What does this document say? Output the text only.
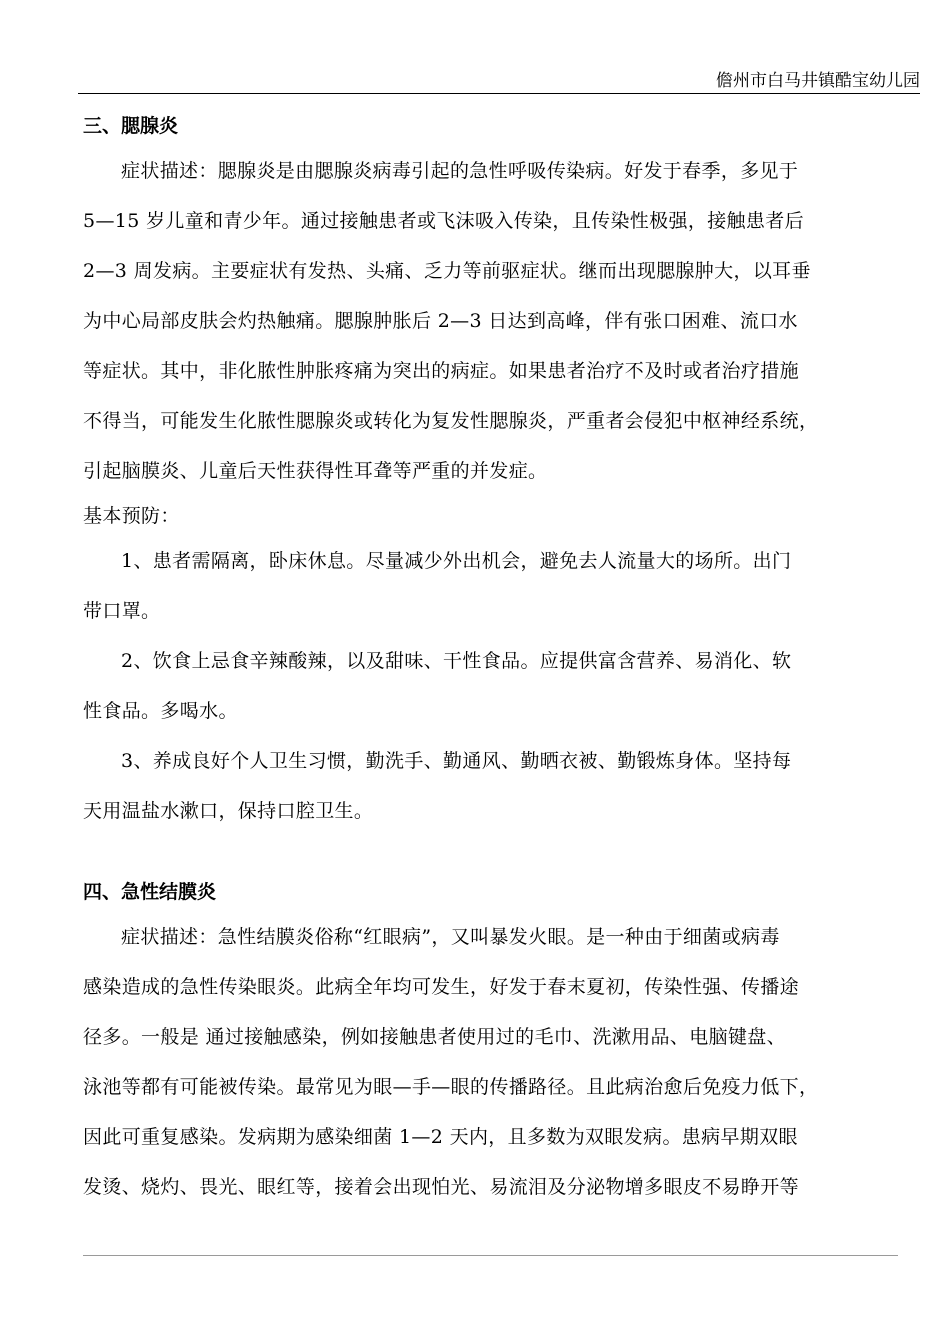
儋州市白马井镇酷宝幼儿园
三、腮腺炎
症状描述：腮腺炎是由腮腺炎病毒引起的急性呼吸传染病。好发于春季，多见于
5—15 岁儿童和青少年。通过接触患者或飞沫吸入传染，且传染性极强，接触患者后
2—3 周发病。主要症状有发热、头痛、乏力等前驱症状。继而出现腮腺肿大，以耳垂
为中心局部皮肤会灼热触痛。腮腺肿胀后 2—3 日达到高峰，伴有张口困难、流口水
等症状。其中，非化脓性肿胀疼痛为突出的病症。如果患者治疗不及时或者治疗措施
不得当，可能发生化脓性腮腺炎或转化为复发性腮腺炎，严重者会侵犯中枢神经系统，
引起脑膜炎、儿童后天性获得性耳聋等严重的并发症。
基本预防：
1、患者需隔离，卧床休息。尽量减少外出机会，避免去人流量大的场所。出门
带口罩。
2、饮食上忌食辛辣酸辣，以及甜味、干性食品。应提供富含营养、易消化、软
性食品。多喝水。
3、养成良好个人卫生习惯，勤洗手、勤通风、勤晒衣被、勤锻炼身体。坚持每
天用温盐水漱口，保持口腔卫生。
四、急性结膜炎
症状描述：急性结膜炎俗称“红眼病”，又叫暴发火眼。是一种由于细菌或病毒
感染造成的急性传染眼炎。此病全年均可发生，好发于春末夏初，传染性强、传播途
径多。一般是 通过接触感染，例如接触患者使用过的毛巾、洗漱用品、电脑键盘、
泳池等都有可能被传染。最常见为眼—手—眼的传播路径。且此病治愈后免疫力低下，
因此可重复感染。发病期为感染细菌 1—2 天内，且多数为双眼发病。患病早期双眼
发烫、烧灼、畏光、眼红等，接着会出现怕光、易流泪及分泌物增多眼皮不易睁开等
